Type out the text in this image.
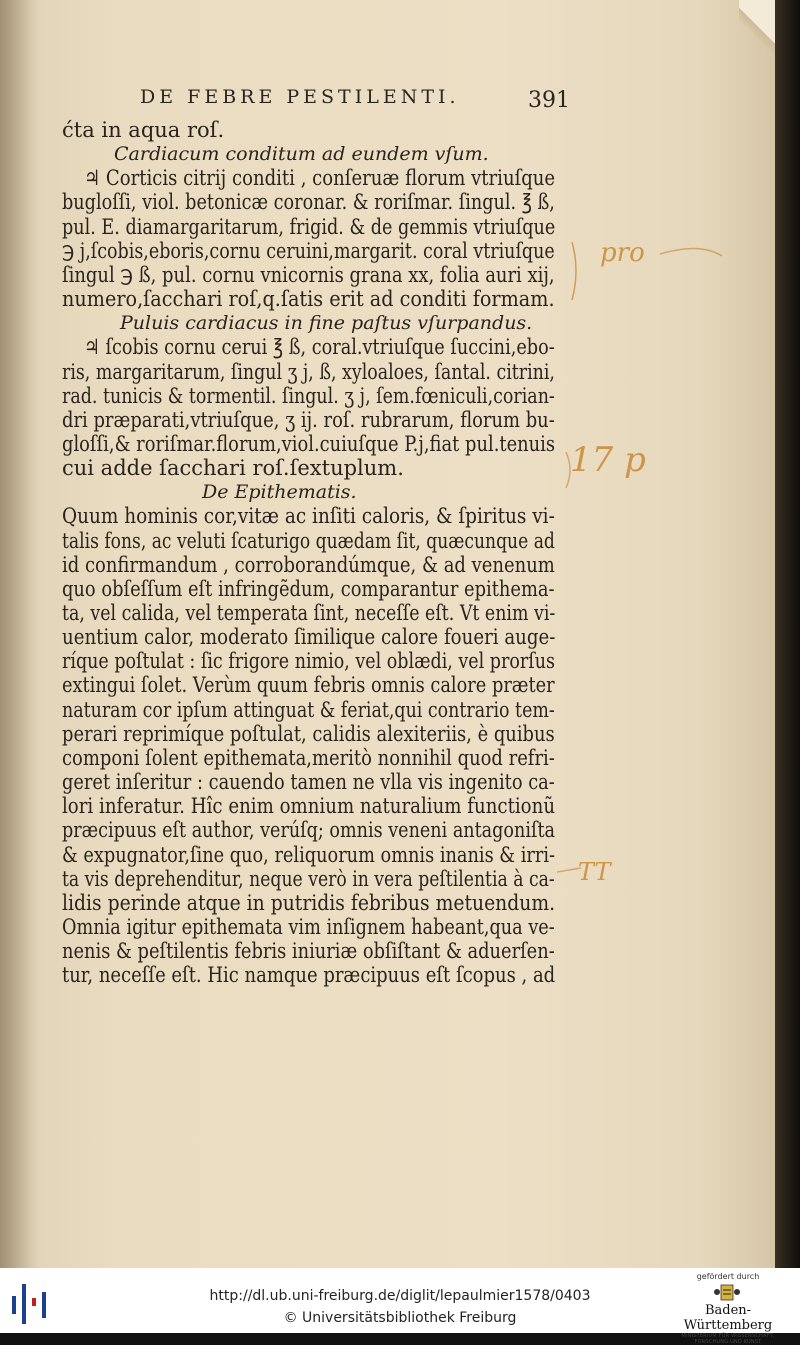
DE FEBRE PESTILENTI.	391
ćta in aqua roſ.
Cardiacum conditum ad eundem vſum.
♃ Corticis citrij conditi , conſeruæ florum vtriuſque
bugloſſi, viol. betonicæ coronar. & roriſmar. ſingul. ℥ ß,
pul. E. diamargaritarum, frigid. & de gemmis vtriuſque
℈ j,ſcobis,eboris,cornu ceruini,margarit. coral vtriuſque
ſingul ℈ ß, pul. cornu vnicornis grana xx, folia auri xij,
numero,ſacchari roſ,q.ſatis erit ad conditi formam.
Puluis cardiacus in fine paſtus vſurpandus.
♃ ſcobis cornu cerui ℥ ß, coral.vtriuſque ſuccini,ebo-
ris, margaritarum, ſingul ʒ j, ß, xyloaloes, ſantal. citrini,
rad. tunicis & tormentil. ſingul. ʒ j, ſem.fœniculi,corian-
dri præparati,vtriuſque, ʒ ij. roſ. rubrarum, florum bu-
gloſſi,& roriſmar.florum,viol.cuiuſque P.j,fiat pul.tenuis
cui adde ſacchari roſ.ſextuplum.
De Epithematis.
Quum hominis cor,vitæ ac inſiti caloris, & ſpiritus vi-
talis fons, ac veluti ſcaturigo quædam ſit, quæcunque ad
id confirmandum , corroborandúmque, & ad venenum
quo obſeſſum eſt infringẽdum, comparantur epithema-
ta, vel calida, vel temperata ſint, neceſſe eſt. Vt enim vi-
uentium calor, moderato ſimilique calore foueri auge-
ríque poſtulat : ſic frigore nimio, vel oblædi, vel prorſus
extingui ſolet. Verùm quum febris omnis calore præter
naturam cor ipſum attinguat & feriat,qui contrario tem-
perari reprimíque poſtulat, calidis alexiteriis, è quibus
componi ſolent epithemata,meritò nonnihil quod refri-
geret inſeritur : cauendo tamen ne vlla vis ingenito ca-
lori inferatur. Hîc enim omnium naturalium functionũ
præcipuus eſt author, verúſq; omnis veneni antagoniſta
& expugnator,ſine quo, reliquorum omnis inanis & irri-
ta vis deprehenditur, neque verò in vera peſtilentia à ca-
lidis perinde atque in putridis febribus metuendum.
Omnia igitur epithemata vim inſignem habeant,qua ve-
nenis & peſtilentis febris iniuriæ obſiſtant & aduerſen-
tur, neceſſe eſt. Hic namque præcipuus eſt ſcopus , ad
pro
17 p
TT
http://dl.ub.uni-freiburg.de/diglit/lepaulmier1578/0403
© Universitätsbibliothek Freiburg
gefördert durch
Baden-Württemberg
MINISTERIUM FÜR WISSENSCHAFT, FORSCHUNG UND KUNST
